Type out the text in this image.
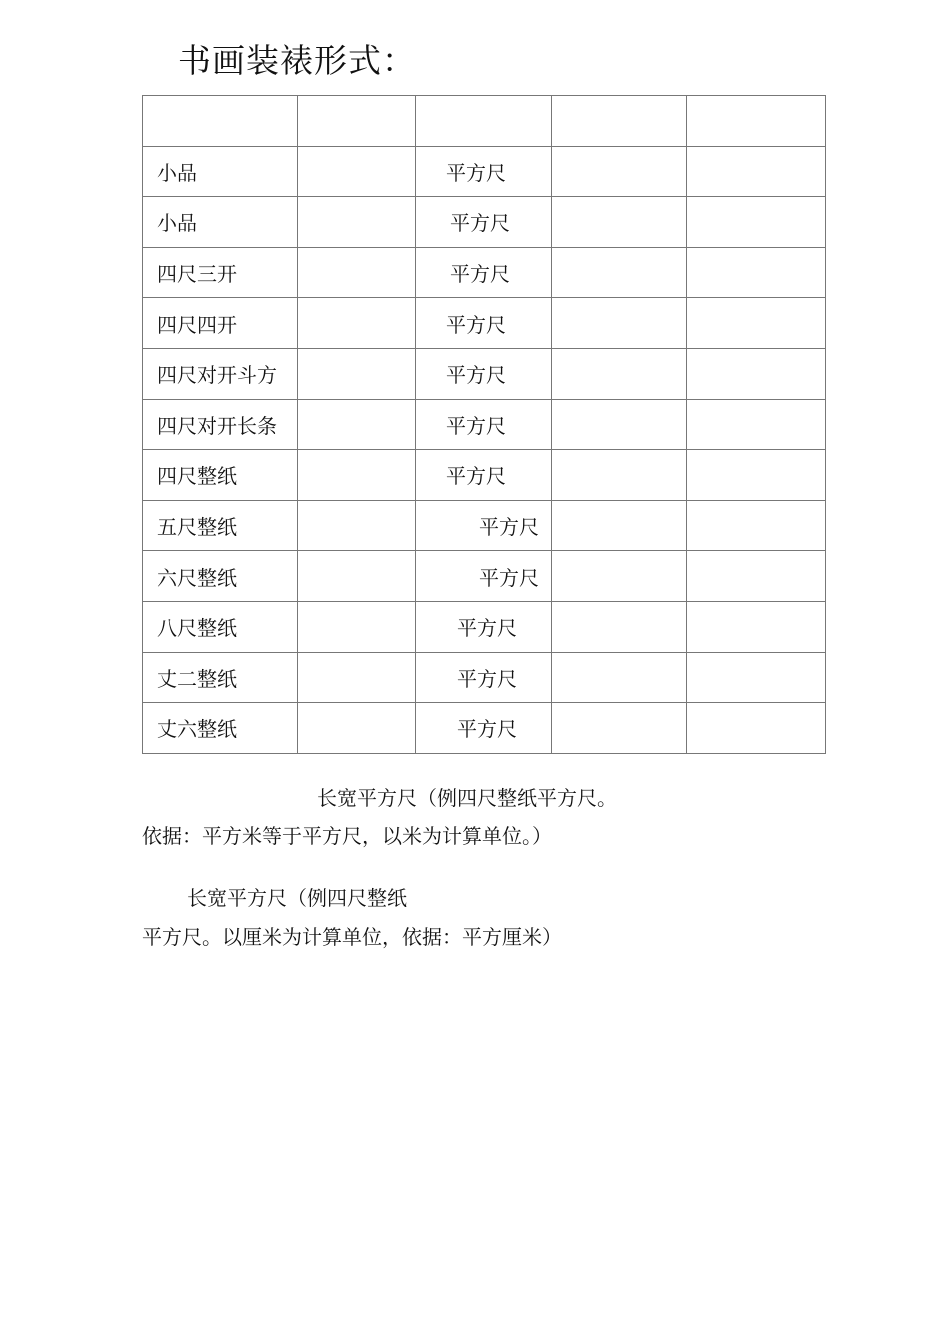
书画装裱形式：

小品		平方尺		
小品		平方尺		
四尺三开		平方尺		
四尺四开		平方尺		
四尺对开斗方		平方尺		
四尺对开长条		平方尺		
四尺整纸		平方尺		
五尺整纸		平方尺		
六尺整纸		平方尺		
八尺整纸		平方尺		
丈二整纸		平方尺		
丈六整纸		平方尺		
长宽平方尺（例四尺整纸平方尺。
依据：平方米等于平方尺，以米为计算单位。）
长宽平方尺（例四尺整纸
平方尺。以厘米为计算单位，依据：平方厘米）
